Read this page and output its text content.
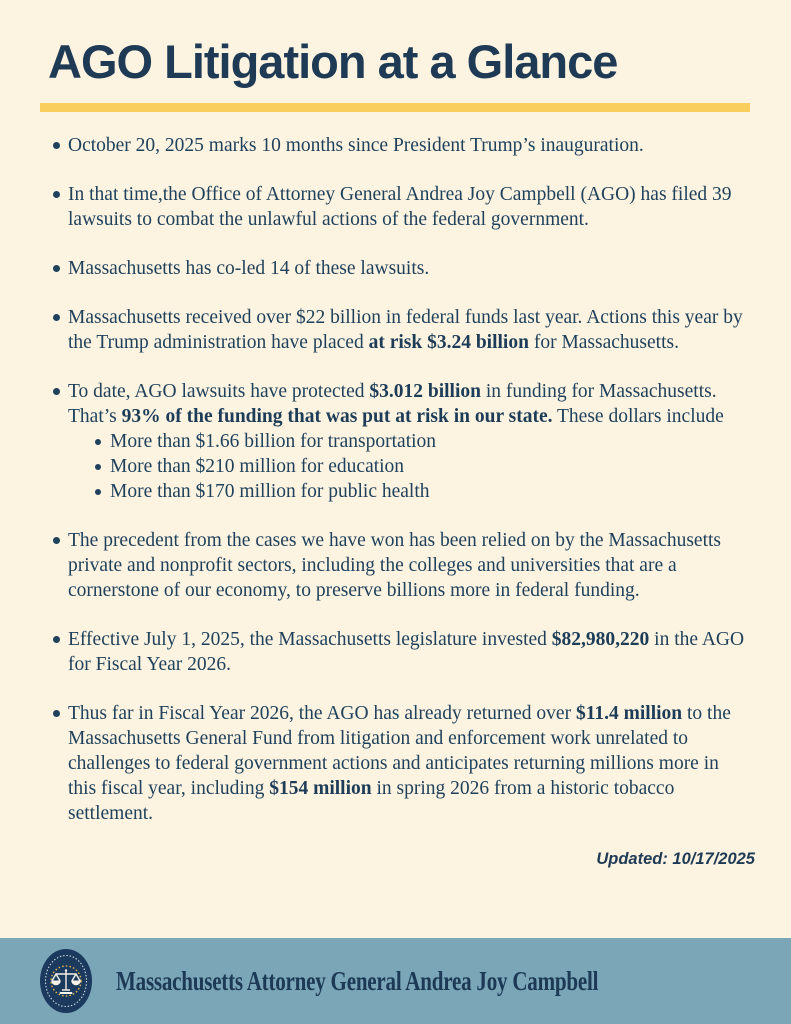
AGO Litigation at a Glance
October 20, 2025 marks 10 months since President Trump’s inauguration.
In that time,the Office of Attorney General Andrea Joy Campbell (AGO) has filed 39 lawsuits to combat the unlawful actions of the federal government.
Massachusetts has co-led 14 of these lawsuits.
Massachusetts received over $22 billion in federal funds last year. Actions this year by the Trump administration have placed at risk $3.24 billion for Massachusetts.
To date, AGO lawsuits have protected $3.012 billion in funding for Massachusetts. That’s 93% of the funding that was put at risk in our state. These dollars include
More than $1.66 billion for transportation
More than $210 million for education
More than $170 million for public health
The precedent from the cases we have won has been relied on by the Massachusetts private and nonprofit sectors, including the colleges and universities that are a cornerstone of our economy, to preserve billions more in federal funding.
Effective July 1, 2025, the Massachusetts legislature invested $82,980,220 in the AGO for Fiscal Year 2026.
Thus far in Fiscal Year 2026, the AGO has already returned over $11.4 million to the Massachusetts General Fund from litigation and enforcement work unrelated to challenges to federal government actions and anticipates returning millions more in this fiscal year, including $154 million in spring 2026 from a historic tobacco settlement.
Updated: 10/17/2025
Massachusetts Attorney General Andrea Joy Campbell
